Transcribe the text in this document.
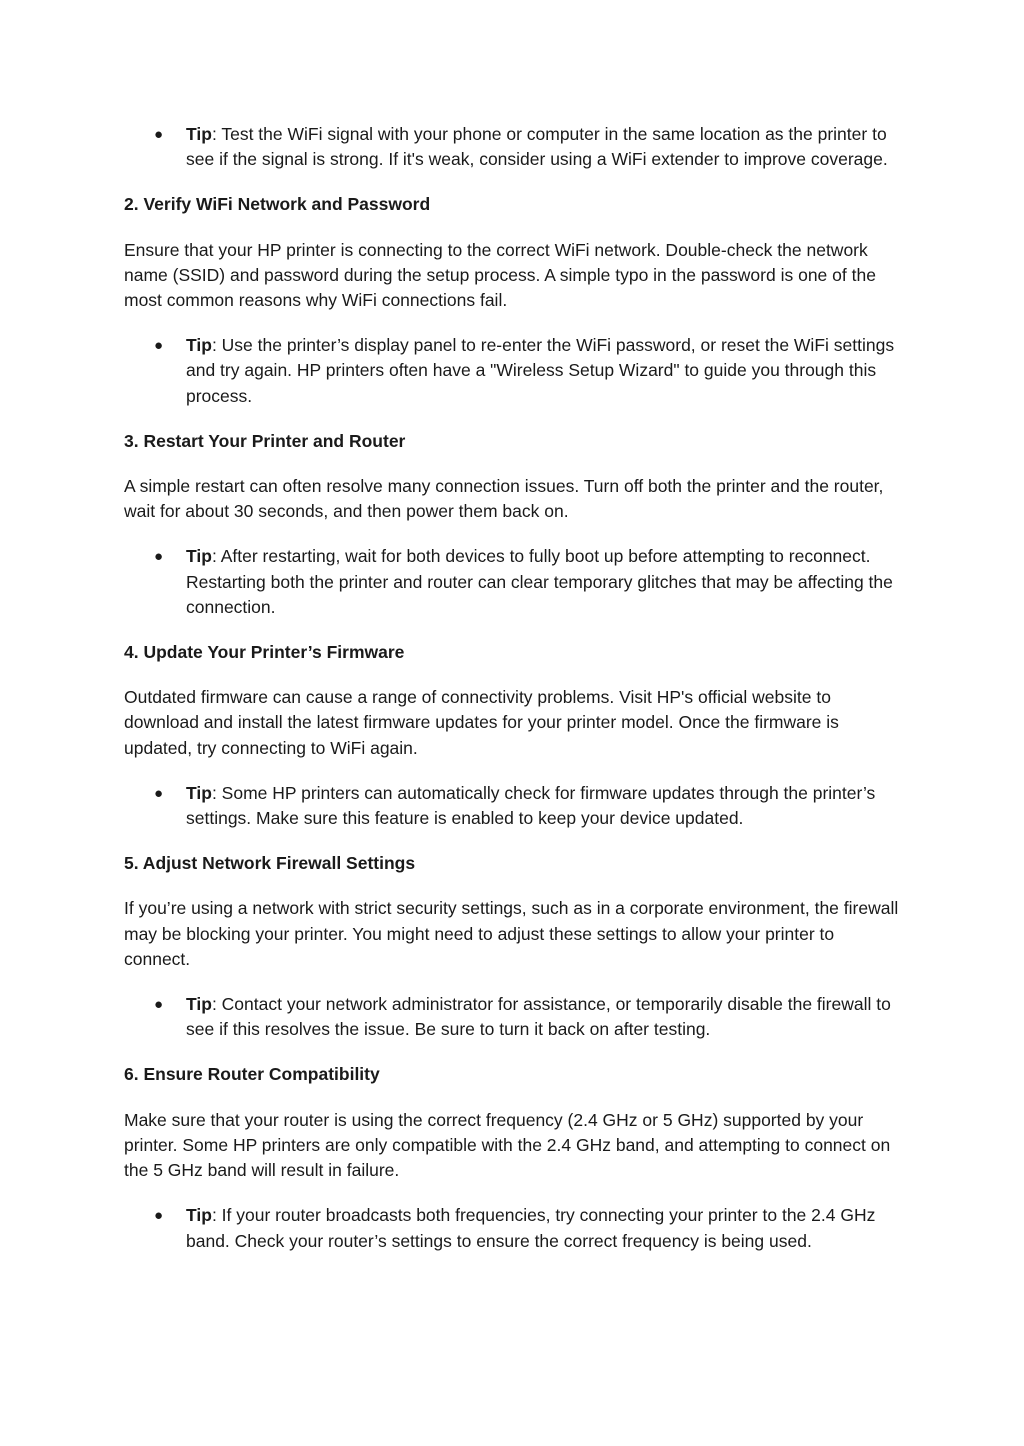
● Tip: Test the WiFi signal with your phone or computer in the same location as the printer to see if the signal is strong. If it's weak, consider using a WiFi extender to improve coverage.
2. Verify WiFi Network and Password
Ensure that your HP printer is connecting to the correct WiFi network. Double-check the network name (SSID) and password during the setup process. A simple typo in the password is one of the most common reasons why WiFi connections fail.
● Tip: Use the printer’s display panel to re-enter the WiFi password, or reset the WiFi settings and try again. HP printers often have a "Wireless Setup Wizard" to guide you through this process.
3. Restart Your Printer and Router
A simple restart can often resolve many connection issues. Turn off both the printer and the router, wait for about 30 seconds, and then power them back on.
● Tip: After restarting, wait for both devices to fully boot up before attempting to reconnect. Restarting both the printer and router can clear temporary glitches that may be affecting the connection.
4. Update Your Printer’s Firmware
Outdated firmware can cause a range of connectivity problems. Visit HP's official website to download and install the latest firmware updates for your printer model. Once the firmware is updated, try connecting to WiFi again.
● Tip: Some HP printers can automatically check for firmware updates through the printer’s settings. Make sure this feature is enabled to keep your device updated.
5. Adjust Network Firewall Settings
If you’re using a network with strict security settings, such as in a corporate environment, the firewall may be blocking your printer. You might need to adjust these settings to allow your printer to connect.
● Tip: Contact your network administrator for assistance, or temporarily disable the firewall to see if this resolves the issue. Be sure to turn it back on after testing.
6. Ensure Router Compatibility
Make sure that your router is using the correct frequency (2.4 GHz or 5 GHz) supported by your printer. Some HP printers are only compatible with the 2.4 GHz band, and attempting to connect on the 5 GHz band will result in failure.
● Tip: If your router broadcasts both frequencies, try connecting your printer to the 2.4 GHz band. Check your router’s settings to ensure the correct frequency is being used.
